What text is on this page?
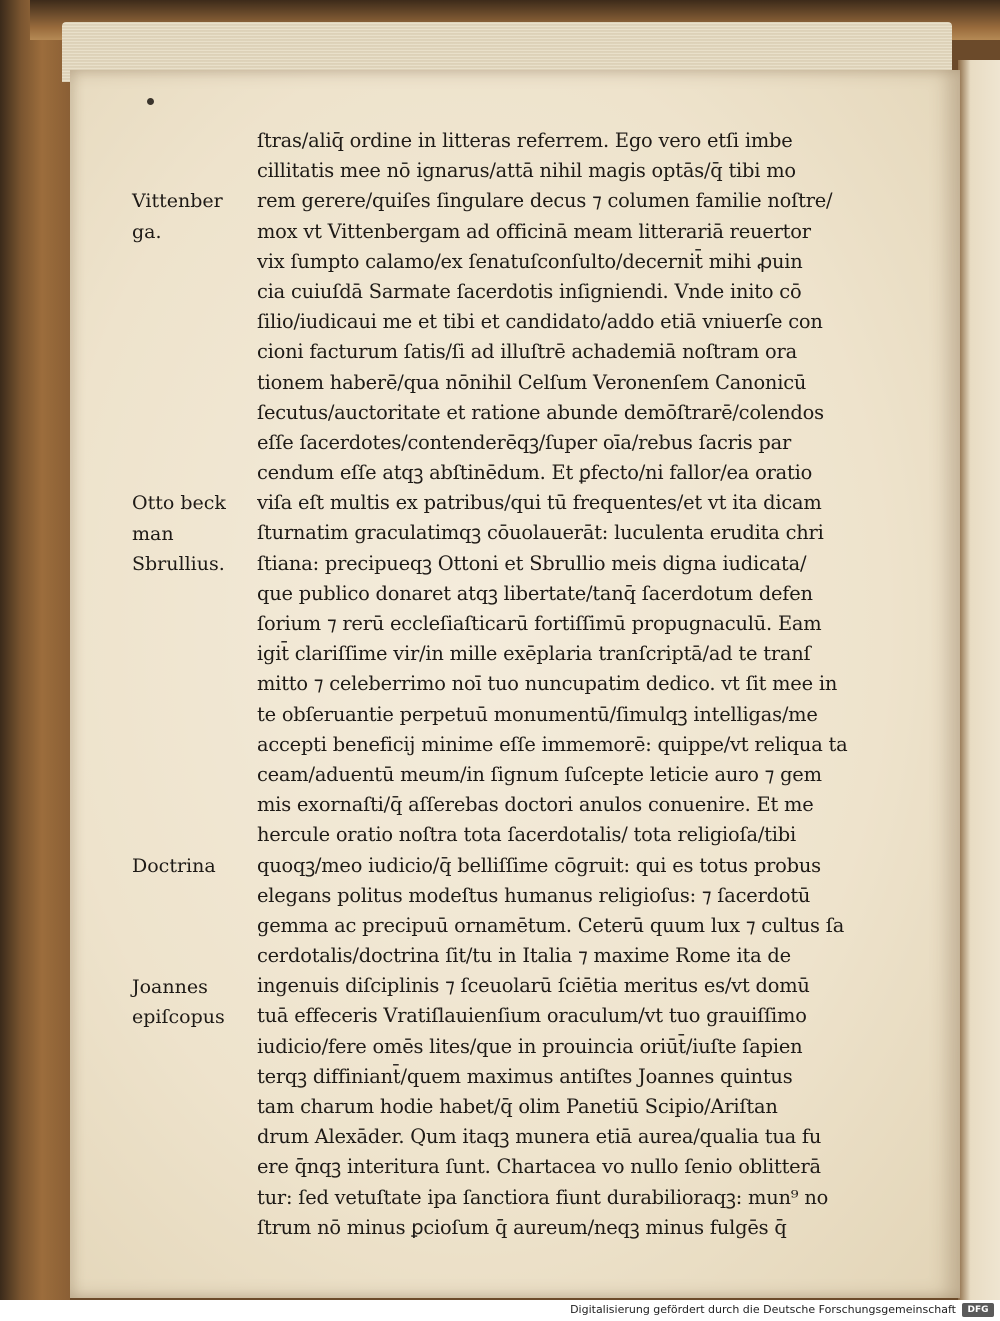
ſtras/aliq̄ ordine in litteras referrem. Ego vero etſi imbe
cillitatis mee nō ignarus/attā nihil magis optās/q̄ tibi mo
rem gerere/quiſes ſingulare decus ⁊ columen familie noſtre/
mox vt Vittenbergam ad officinā meam litterariā reuertor
vix ſumpto calamo/ex ſenatuſconſulto/decernit̄ mihi ꝓuin
cia cuiuſdā Sarmate ſacerdotis inſigniendi. Vnde inito cō
ſilio/iudicaui me et tibi et candidato/addo etiā vniuerſe con
cioni facturum ſatis/ſi ad illuſtrē achademiā noſtram ora
tionem haberē/qua nōnihil Celſum Veronenſem Canonicū
ſecutus/auctoritate et ratione abunde demōſtrarē/colendos
eſſe ſacerdotes/contenderēqꝫ/ſuper oīa/rebus ſacris par
cendum eſſe atqꝫ abſtinēdum. Et ꝑfecto/ni fallor/ea oratio
viſa eſt multis ex patribus/qui tū frequentes/et vt ita dicam
ſturnatim graculatimqꝫ cōuolauerāt: luculenta erudita chri
ſtiana: precipueqꝫ Ottoni et Sbrullio meis digna iudicata/
que publico donaret atqꝫ libertate/tanq̄ ſacerdotum defen
ſorium ⁊ rerū eccleſiaſticarū fortiſſimū propugnaculū. Eam
igit̄ clariſſime vir/in mille exēplaria tranſcriptā/ad te tranſ
mitto ⁊ celeberrimo noī tuo nuncupatim dedico. vt ſit mee in
te obſeruantie perpetuū monumentū/ſimulqꝫ intelligas/me
accepti beneficij minime eſſe immemorē: quippe/vt reliqua ta
ceam/aduentū meum/in ſignum ſuſcepte leticie auro ⁊ gem
mis exornaſti/q̄ aſſerebas doctori anulos conuenire. Et me
hercule oratio noſtra tota ſacerdotalis/ tota religioſa/tibi
quoqꝫ/meo iudicio/q̄ belliſſime cōgruit: qui es totus probus
elegans politus modeſtus humanus religioſus: ⁊ ſacerdotū
gemma ac precipuū ornamētum. Ceterū quum lux ⁊ cultus ſa
cerdotalis/doctrina ſit/tu in Italia ⁊ maxime Rome ita de
ingenuis diſciplinis ⁊ ſceuolarū ſciētia meritus es/vt domū
tuā effeceris Vratiſlauienſium oraculum/vt tuo grauiſſimo
iudicio/fere omēs lites/que in prouincia oriūt̄/iuſte ſapien
terqꝫ diffiniant̄/quem maximus antiſtes Joannes quintus
tam charum hodie habet/q̄ olim Panetiū Scipio/Ariſtan
drum Alexāder. Qum itaqꝫ munera etiā aurea/qualia tua fu
ere q̄nqꝫ interitura ſunt. Chartacea vo nullo ſenio oblitterā
tur: ſed vetuſtate ipa ſanctiora fiunt durabilioraqꝫ: mun⁹ no
ſtrum nō minus ꝑcioſum q̄ aureum/neqꝫ minus fulgēs q̄
Vittenber
ga.
Otto beck
man
Sbrullius.
Doctrina
Joannes
epiſcopus
Digitalisierung gefördert durch die Deutsche Forschungsgemeinschaft	DFG
